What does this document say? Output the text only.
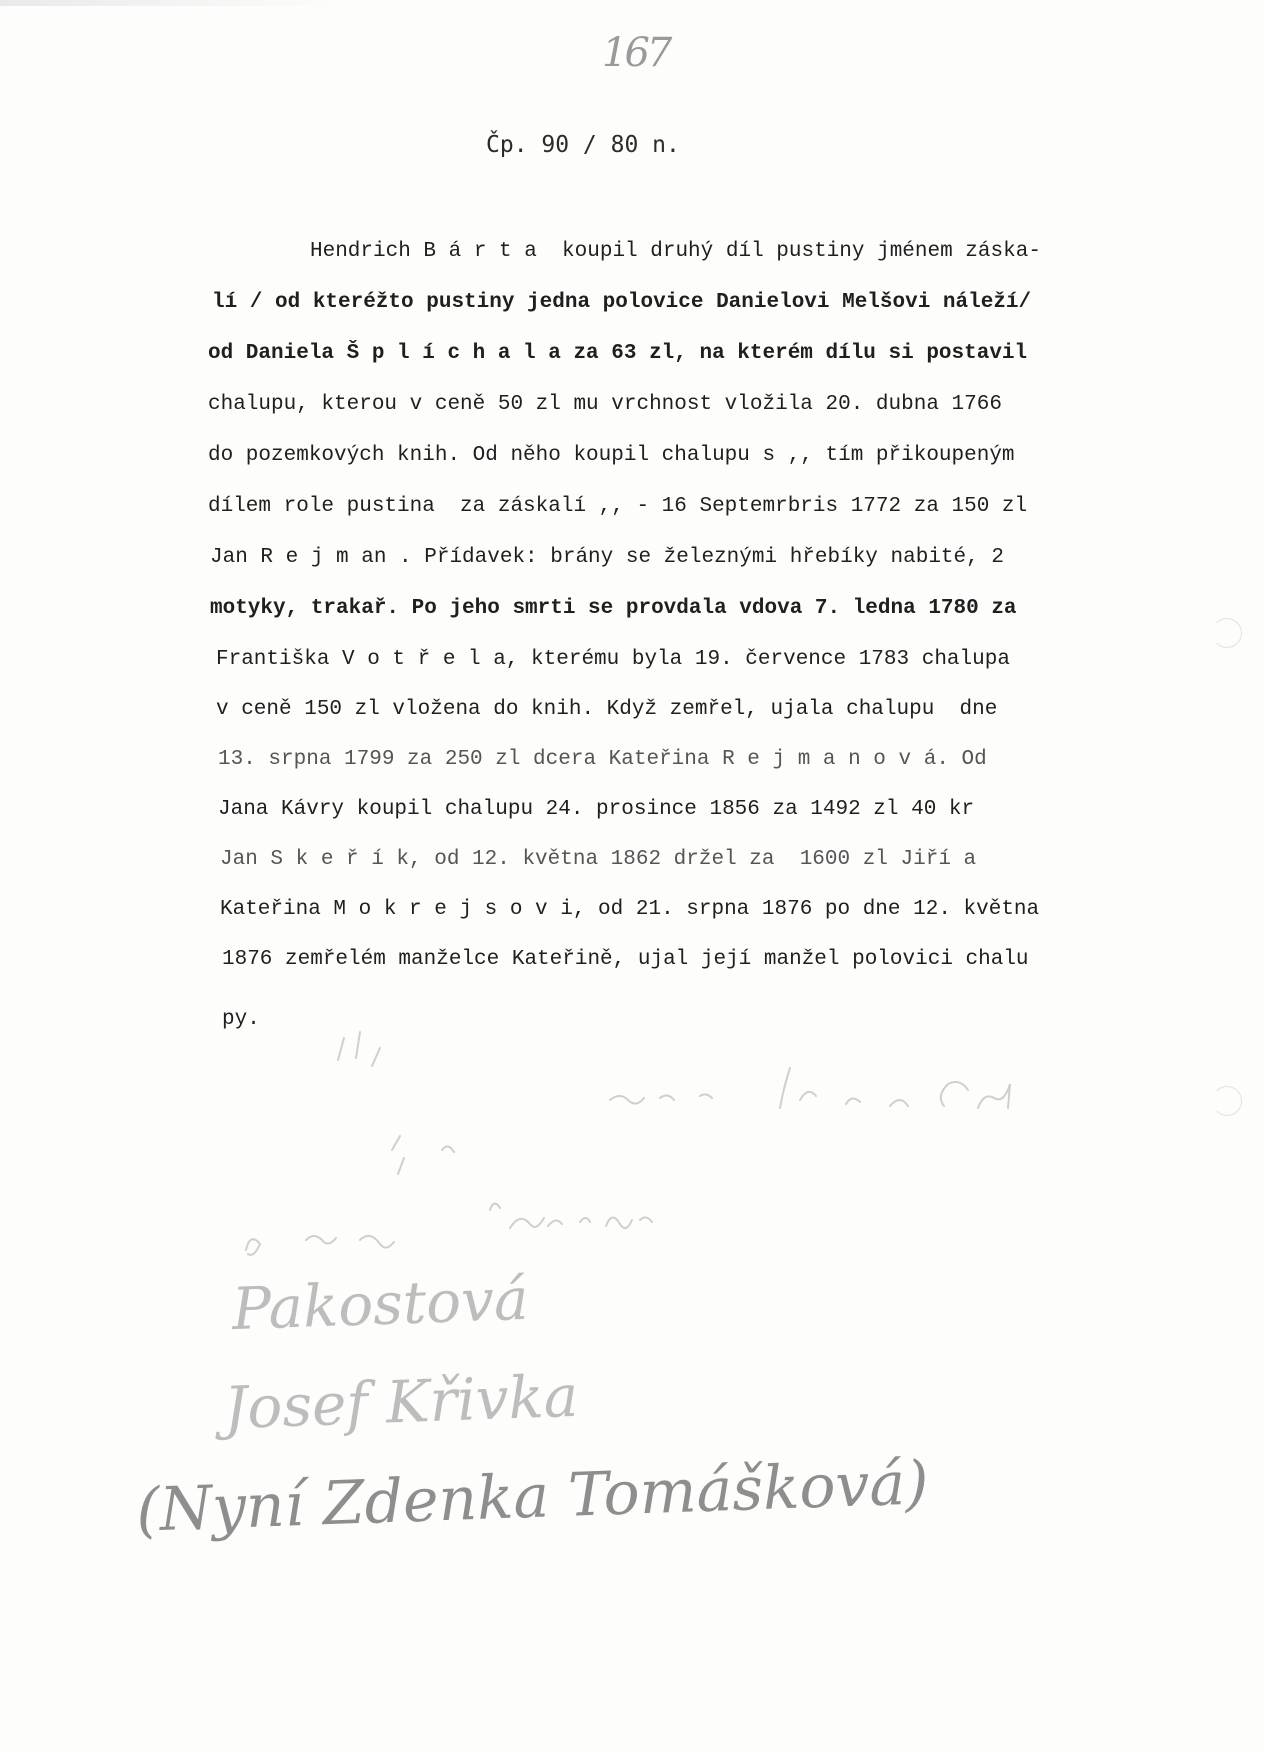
167
Čp. 90 / 80 n.

Hendrich B á r t a  koupil druhý díl pustiny jménem záska-

lí / od kteréžto pustiny jedna polovice Danielovi Melšovi náleží/

od Daniela Š p l í c h a l a za 63 zl, na kterém dílu si postavil

chalupu, kterou v ceně 50 zl mu vrchnost vložila 20. dubna 1766

do pozemkových knih. Od něho koupil chalupu s ,, tím přikoupeným

dílem role pustina  za záskalí ,, - 16 Septemrbris 1772 za 150 zl

Jan R e j m an . Přídavek: brány se železnými hřebíky nabité, 2

motyky, trakař. Po jeho smrti se provdala vdova 7. ledna 1780 za

Františka V o t ř e l a, kterému byla 19. července 1783 chalupa

v ceně 150 zl vložena do knih. Když zemřel, ujala chalupu  dne

13. srpna 1799 za 250 zl dcera Kateřina R e j m a n o v á. Od

Jana Kávry koupil chalupu 24. prosince 1856 za 1492 zl 40 kr

Jan S k e ř í k, od 12. května 1862 držel za  1600 zl Jiří a

Kateřina M o k r e j s o v i, od 21. srpna 1876 po dne 12. května

1876 zemřelém manželce Kateřině, ujal její manžel polovici chalu

py.

Pakostová
Josef Křivka
(Nyní Zdenka Tomášková)
